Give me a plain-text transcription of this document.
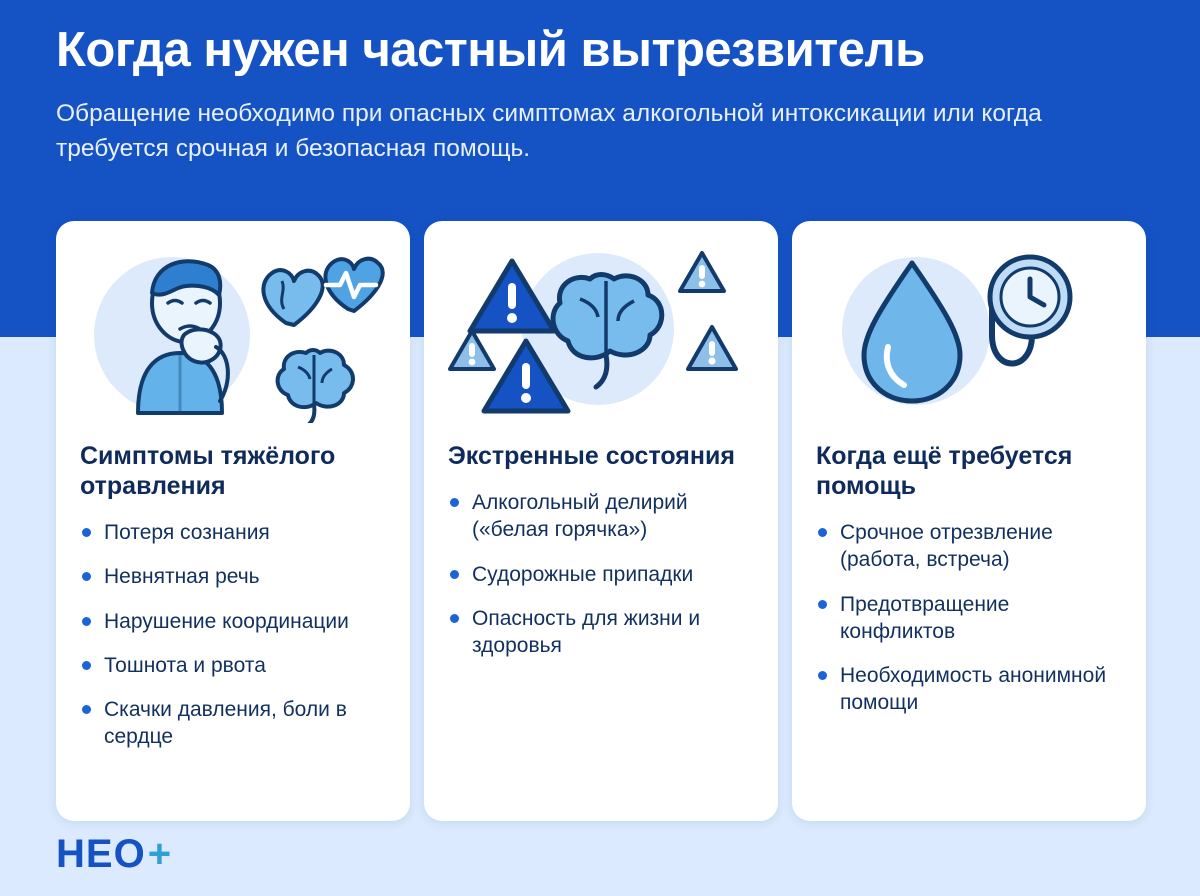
Когда нужен частный вытрезвитель

Обращение необходимо при опасных симптомах алкогольной интоксикации или когда требуется срочная и безопасная помощь.

Симптомы тяжёлого отравления
Потеря сознания
Невнятная речь
Нарушение координации
Тошнота и рвота
Скачки давления, боли в сердце
Экстренные состояния
Алкогольный делирий («белая горячка»)
Судорожные припадки
Опасность для жизни и здоровья
Когда ещё требуется помощь
Срочное отрезвление (работа, встреча)
Предотвращение конфликтов
Необходимость анонимной помощи
НЕО +
